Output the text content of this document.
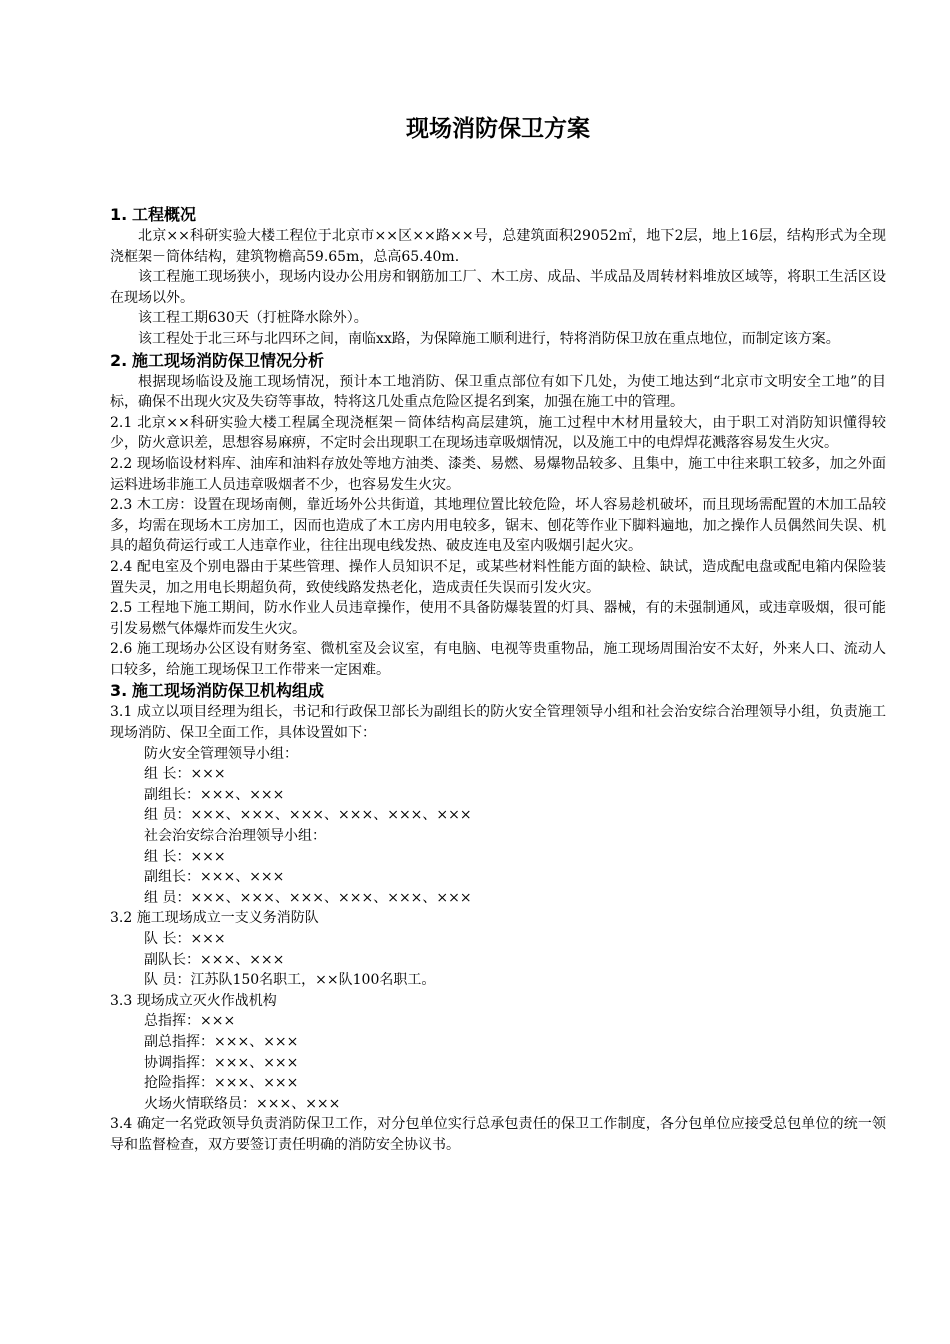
现场消防保卫方案
1. 工程概况

北京××科研实验大楼工程位于北京市××区××路××号，总建筑面积29052㎡，地下2层，地上16层，结构形式为全现浇框架－筒体结构，建筑物檐高59.65m，总高65.40m.

该工程施工现场狭小，现场内设办公用房和钢筋加工厂、木工房、成品、半成品及周转材料堆放区域等，将职工生活区设在现场以外。

该工程工期630天（打桩降水除外）。

该工程处于北三环与北四环之间，南临xx路，为保障施工顺利进行，特将消防保卫放在重点地位，而制定该方案。

2. 施工现场消防保卫情况分析

根据现场临设及施工现场情况，预计本工地消防、保卫重点部位有如下几处，为使工地达到“北京市文明安全工地”的目标，确保不出现火灾及失窃等事故，特将这几处重点危险区提名到案，加强在施工中的管理。

2.1 北京××科研实验大楼工程属全现浇框架－筒体结构高层建筑，施工过程中木材用量较大，由于职工对消防知识懂得较少，防火意识差，思想容易麻痹，不定时会出现职工在现场违章吸烟情况，以及施工中的电焊焊花溅落容易发生火灾。

2.2 现场临设材料库、油库和油料存放处等地方油类、漆类、易燃、易爆物品较多、且集中，施工中往来职工较多，加之外面运料进场非施工人员违章吸烟者不少，也容易发生火灾。

2.3 木工房：设置在现场南侧，靠近场外公共街道，其地理位置比较危险，坏人容易趁机破坏，而且现场需配置的木加工品较多，均需在现场木工房加工，因而也造成了木工房内用电较多，锯末、刨花等作业下脚料遍地，加之操作人员偶然间失误、机具的超负荷运行或工人违章作业，往往出现电线发热、破皮连电及室内吸烟引起火灾。

2.4 配电室及个别电器由于某些管理、操作人员知识不足，或某些材料性能方面的缺检、缺试，造成配电盘或配电箱内保险装置失灵，加之用电长期超负荷，致使线路发热老化，造成责任失误而引发火灾。

2.5 工程地下施工期间，防水作业人员违章操作，使用不具备防爆装置的灯具、器械，有的未强制通风，或违章吸烟，很可能引发易燃气体爆炸而发生火灾。

2.6 施工现场办公区设有财务室、微机室及会议室，有电脑、电视等贵重物品，施工现场周围治安不太好，外来人口、流动人口较多，给施工现场保卫工作带来一定困难。

3. 施工现场消防保卫机构组成

3.1 成立以项目经理为组长，书记和行政保卫部长为副组长的防火安全管理领导小组和社会治安综合治理领导小组，负责施工现场消防、保卫全面工作，具体设置如下：

防火安全管理领导小组：

组 长：×××

副组长：×××、×××

组 员：×××、×××、×××、×××、×××、×××

社会治安综合治理领导小组：

组 长：×××

副组长：×××、×××

组 员：×××、×××、×××、×××、×××、×××

3.2 施工现场成立一支义务消防队

队 长：×××

副队长：×××、×××

队 员：江苏队150名职工，××队100名职工。

3.3 现场成立灭火作战机构

总指挥：×××

副总指挥：×××、×××

协调指挥：×××、×××

抢险指挥：×××、×××

火场火情联络员：×××、×××

3.4 确定一名党政领导负责消防保卫工作，对分包单位实行总承包责任的保卫工作制度，各分包单位应接受总包单位的统一领导和监督检查，双方要签订责任明确的消防安全协议书。
